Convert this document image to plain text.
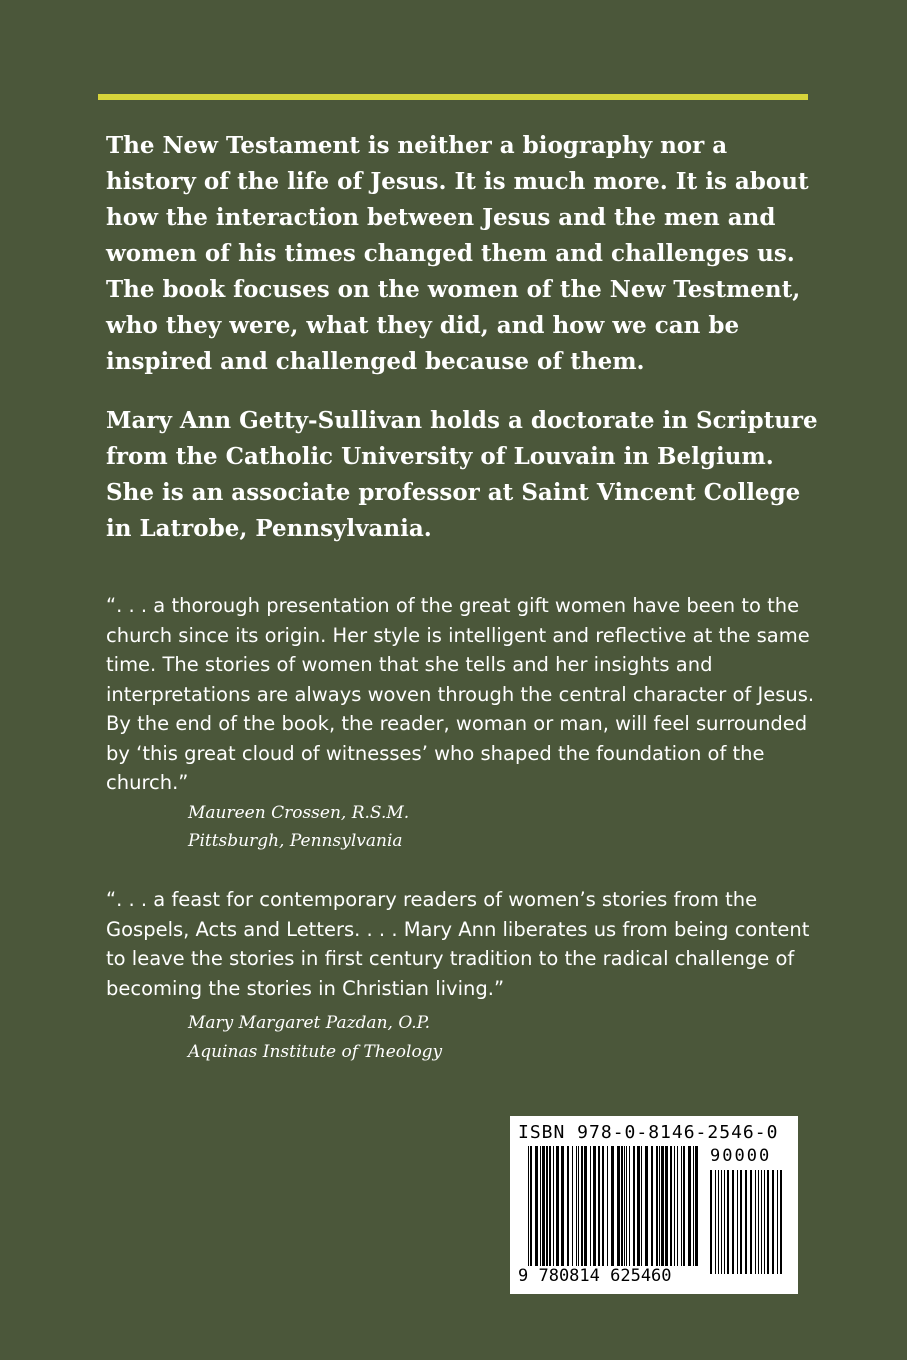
The New Testament is neither a biography nor a history of the life of Jesus. It is much more. It is about how the interaction between Jesus and the men and women of his times changed them and challenges us. The book focuses on the women of the New Testment, who they were, what they did, and how we can be inspired and challenged because of them.

Mary Ann Getty-Sullivan holds a doctorate in Scripture from the Catholic University of Louvain in Belgium. She is an associate professor at Saint Vincent College in Latrobe, Pennsylvania.

“. . . a thorough presentation of the great gift women have been to the church since its origin. Her style is intelligent and reflective at the same time. The stories of women that she tells and her insights and interpretations are always woven through the central character of Jesus. By the end of the book, the reader, woman or man, will feel surrounded by ‘this great cloud of witnesses’ who shaped the foundation of the church.”

Maureen Crossen, R.S.M.
Pittsburgh, Pennsylvania

“. . . a feast for contemporary readers of women’s stories from the Gospels, Acts and Letters. . . . Mary Ann liberates us from being content to leave the stories in first century tradition to the radical challenge of becoming the stories in Christian living.”

Mary Margaret Pazdan, O.P.
Aquinas Institute of Theology
ISBN 978-0-8146-2546-0
90000
9 780814 625460
